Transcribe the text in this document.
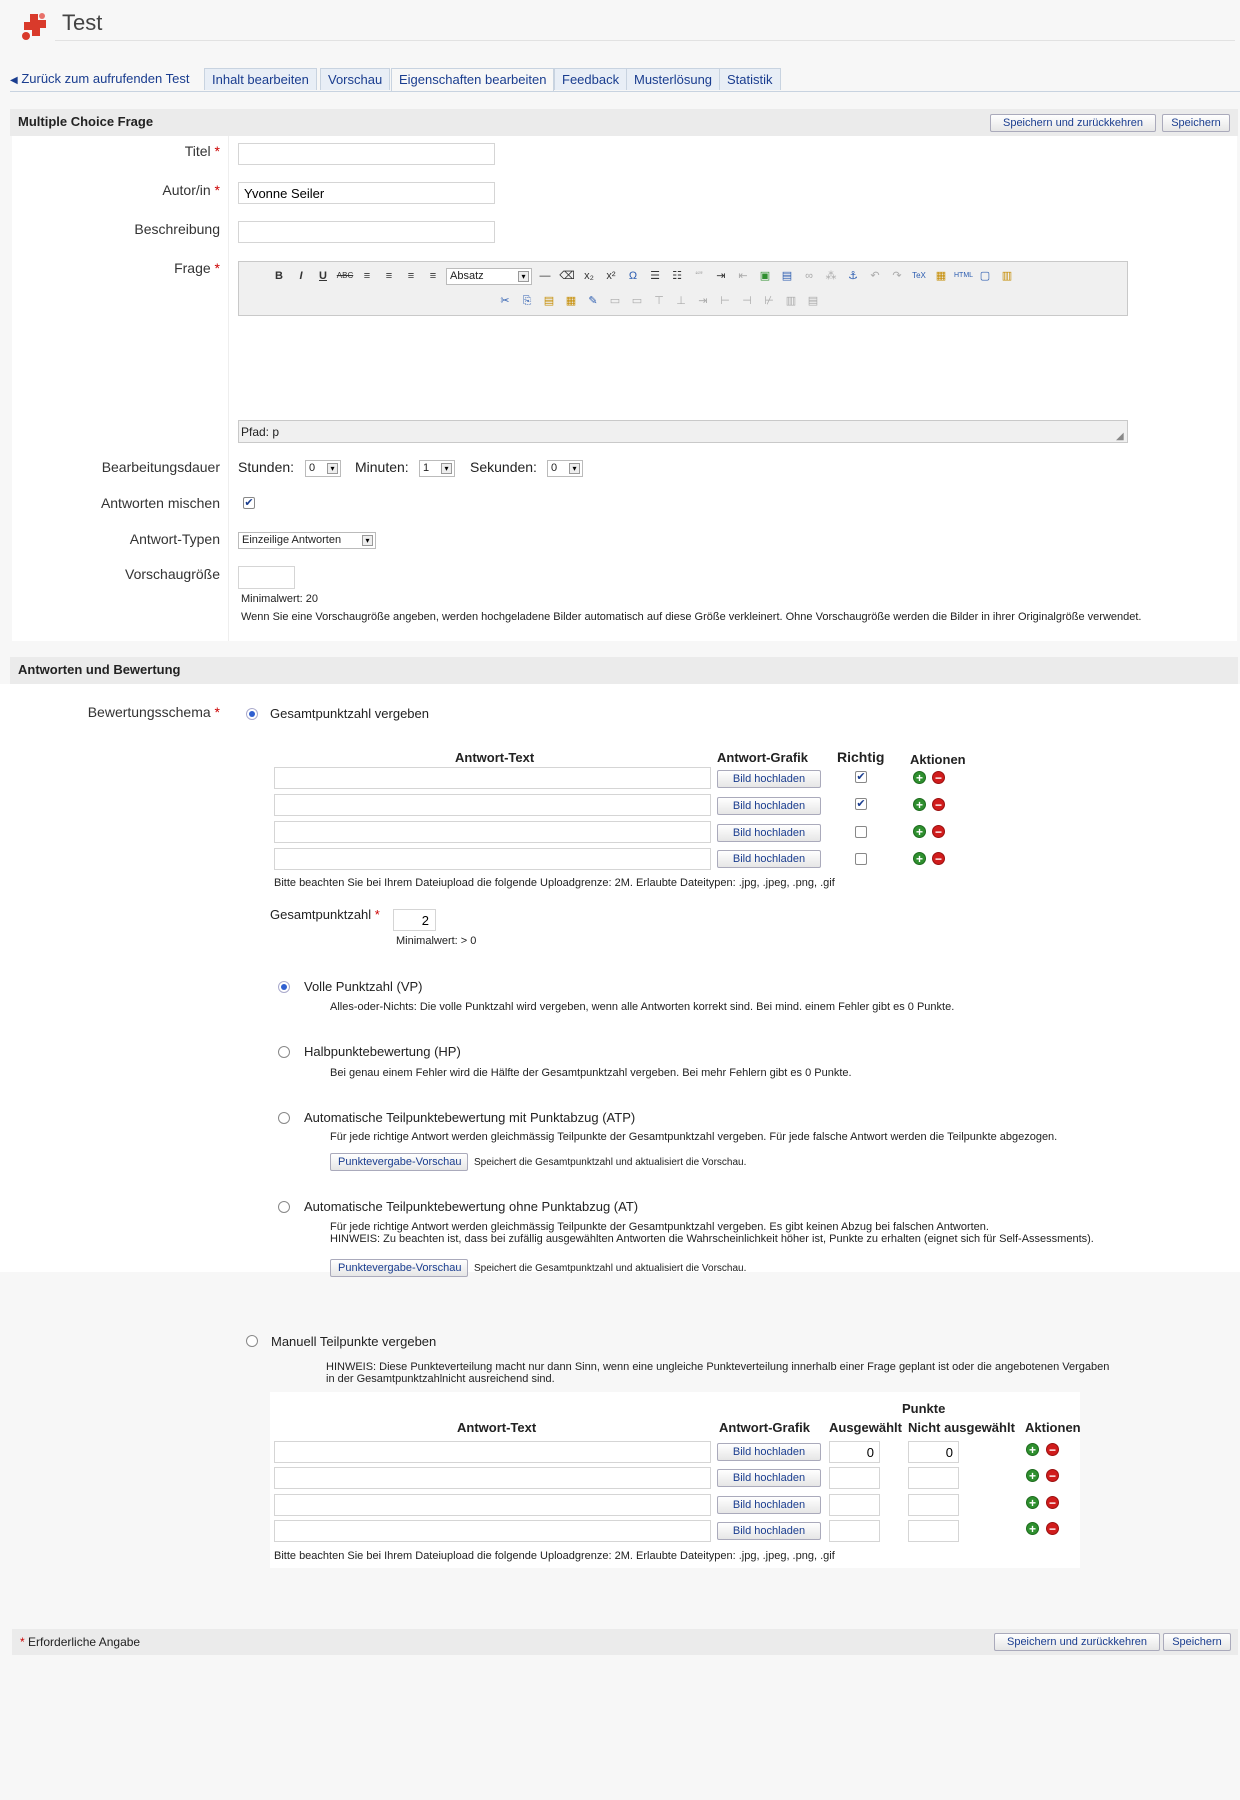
Test
◀ Zurück zum aufrufenden Test	Inhalt bearbeiten	Vorschau	Eigenschaften bearbeiten	Feedback	Musterlösung	Statistik
Multiple Choice Frage	Speichern und zurückkehren	Speichern
Titel *
Autor/in *
Yvonne Seiler
Beschreibung
Frage *	B	I	U	ABC ≡	≡	≡	≡	Absatz	▾	— ⌫ x₂	x²	Ω	☰	☷	“”	⇥	⇤	▣	▤	∞	⁂	⚓	↶	↷	TeX ▦	HTML ▢	▥
✂	⎘	▤	▦	✎	▭	▭	⊤	⊥	⇥	⊢	⊣	⊬	▥	▤
Pfad: p	◢
Bearbeitungsdauer Stunden:	0	▾ Minuten:	1	▾ Sekunden:	0	▾
Antworten mischen ✔
Antwort-Typen	Einzeilige Antworten	▾
Vorschaugröße
Minimalwert: 20
Wenn Sie eine Vorschaugröße angeben, werden hochgeladene Bilder automatisch auf diese Größe verkleinert. Ohne Vorschaugröße werden die Bilder in ihrer Originalgröße verwendet.
Antworten und Bewertung
Bewertungsschema *	Gesamtpunktzahl vergeben
Antwort-Text	Antwort-Grafik Richtig Aktionen
Bild hochladen	✔	+ −
Bild hochladen	✔	+ −
Bild hochladen	+ −
Bild hochladen	+ −
Bitte beachten Sie bei Ihrem Dateiupload die folgende Uploadgrenze: 2M. Erlaubte Dateitypen: .jpg, .jpeg, .png, .gif
Gesamtpunktzahl *
2
Minimalwert: > 0
Volle Punktzahl (VP)
Alles-oder-Nichts: Die volle Punktzahl wird vergeben, wenn alle Antworten korrekt sind. Bei mind. einem Fehler gibt es 0 Punkte.
Halbpunktebewertung (HP)
Bei genau einem Fehler wird die Hälfte der Gesamtpunktzahl vergeben. Bei mehr Fehlern gibt es 0 Punkte.
Automatische Teilpunktebewertung mit Punktabzug (ATP)
Für jede richtige Antwort werden gleichmässig Teilpunkte der Gesamtpunktzahl vergeben. Für jede falsche Antwort werden die Teilpunkte abgezogen.
Punktevergabe-Vorschau	Speichert die Gesamtpunktzahl und aktualisiert die Vorschau.
Automatische Teilpunktebewertung ohne Punktabzug (AT)
Für jede richtige Antwort werden gleichmässig Teilpunkte der Gesamtpunktzahl vergeben. Es gibt keinen Abzug bei falschen Antworten.
HINWEIS: Zu beachten ist, dass bei zufällig ausgewählten Antworten die Wahrscheinlichkeit höher ist, Punkte zu erhalten (eignet sich für Self-Assessments).
Punktevergabe-Vorschau	Speichert die Gesamtpunktzahl und aktualisiert die Vorschau.
Manuell Teilpunkte vergeben
HINWEIS: Diese Punkteverteilung macht nur dann Sinn, wenn eine ungleiche Punkteverteilung innerhalb einer Frage geplant ist oder die angebotenen Vergaben
in der Gesamtpunktzahlnicht ausreichend sind.
Punkte
Antwort-Text	Antwort-Grafik Ausgewählt Nicht ausgewählt Aktionen
Bild hochladen
0
0	+ −
Bild hochladen	+ −
Bild hochladen	+ −
Bild hochladen	+ −
Bitte beachten Sie bei Ihrem Dateiupload die folgende Uploadgrenze: 2M. Erlaubte Dateitypen: .jpg, .jpeg, .png, .gif
* Erforderliche Angabe	Speichern und zurückkehren	Speichern
